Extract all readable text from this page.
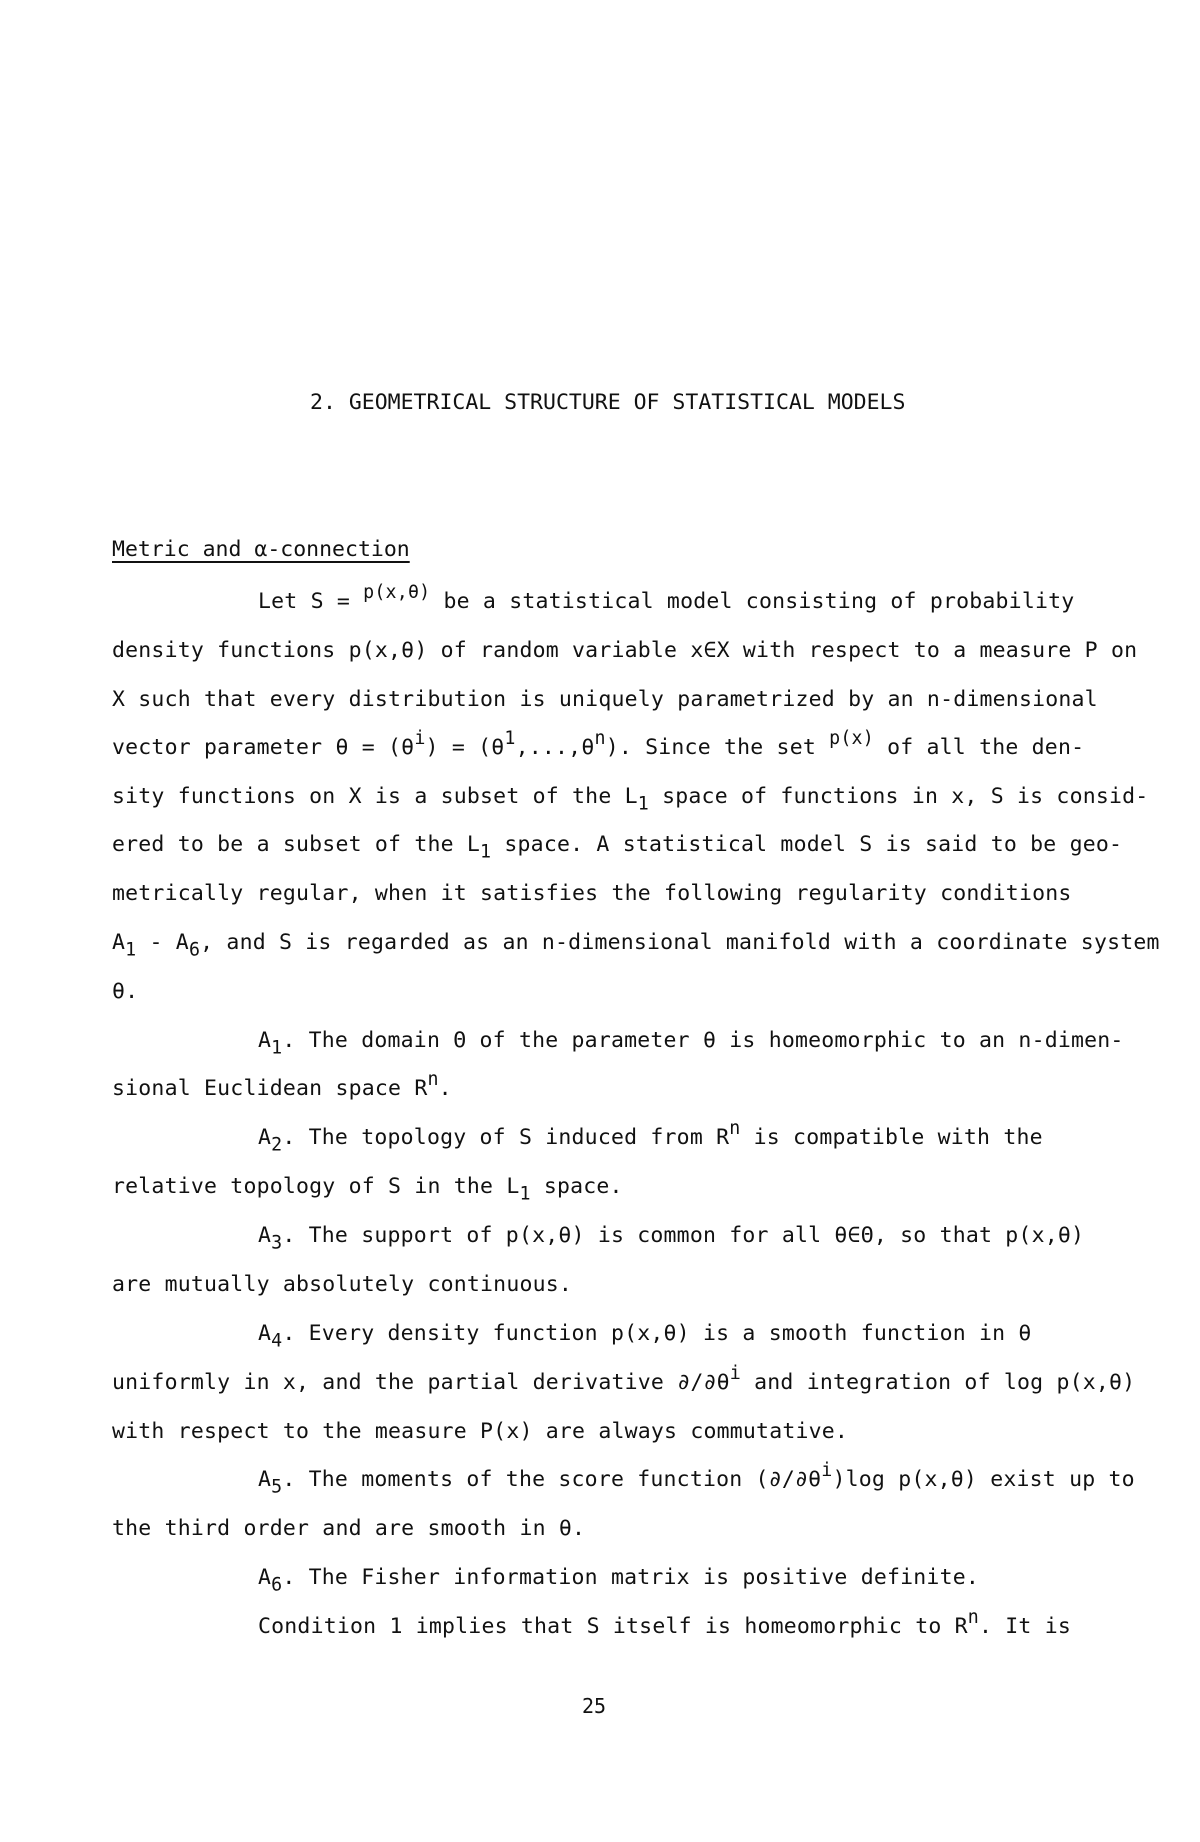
2. GEOMETRICAL STRUCTURE OF STATISTICAL MODELS
Metric and α-connection
Let S = $^{p(x,\theta)}$ be a statistical model consisting of probability
density functions p(x,θ) of random variable x∈X with respect to a measure P on
X such that every distribution is uniquely parametrized by an n-dimensional
vector parameter $\theta = (\theta^i) = (\theta^1,...,\theta^n)$. Since the set $^{p(x)}$ of all the den-
sity functions on X is a subset of the $L_1$ space of functions in x, S is consid-
ered to be a subset of the $L_1$ space. A statistical model S is said to be geo-
metrically regular, when it satisfies the following regularity conditions
$A_1 - A_6$, and S is regarded as an n-dimensional manifold with a coordinate system
θ.
$A_1$. The domain Θ of the parameter θ is homeomorphic to an n-dimen-
sional Euclidean space $R^n$.
$A_2$. The topology of S induced from $R^n$ is compatible with the
relative topology of S in the $L_1$ space.
$A_3$. The support of p(x,θ) is common for all θ∈Θ, so that p(x,θ)
are mutually absolutely continuous.
$A_4$. Every density function p(x,θ) is a smooth function in θ
uniformly in x, and the partial derivative $\partial/\partial\theta^i$ and integration of log p(x,θ)
with respect to the measure P(x) are always commutative.
$A_5$. The moments of the score function $(\partial/\partial\theta^i)\log$ p(x,θ) exist up to
the third order and are smooth in θ.
$A_6$. The Fisher information matrix is positive definite.
Condition 1 implies that S itself is homeomorphic to $R^n$. It is
25
